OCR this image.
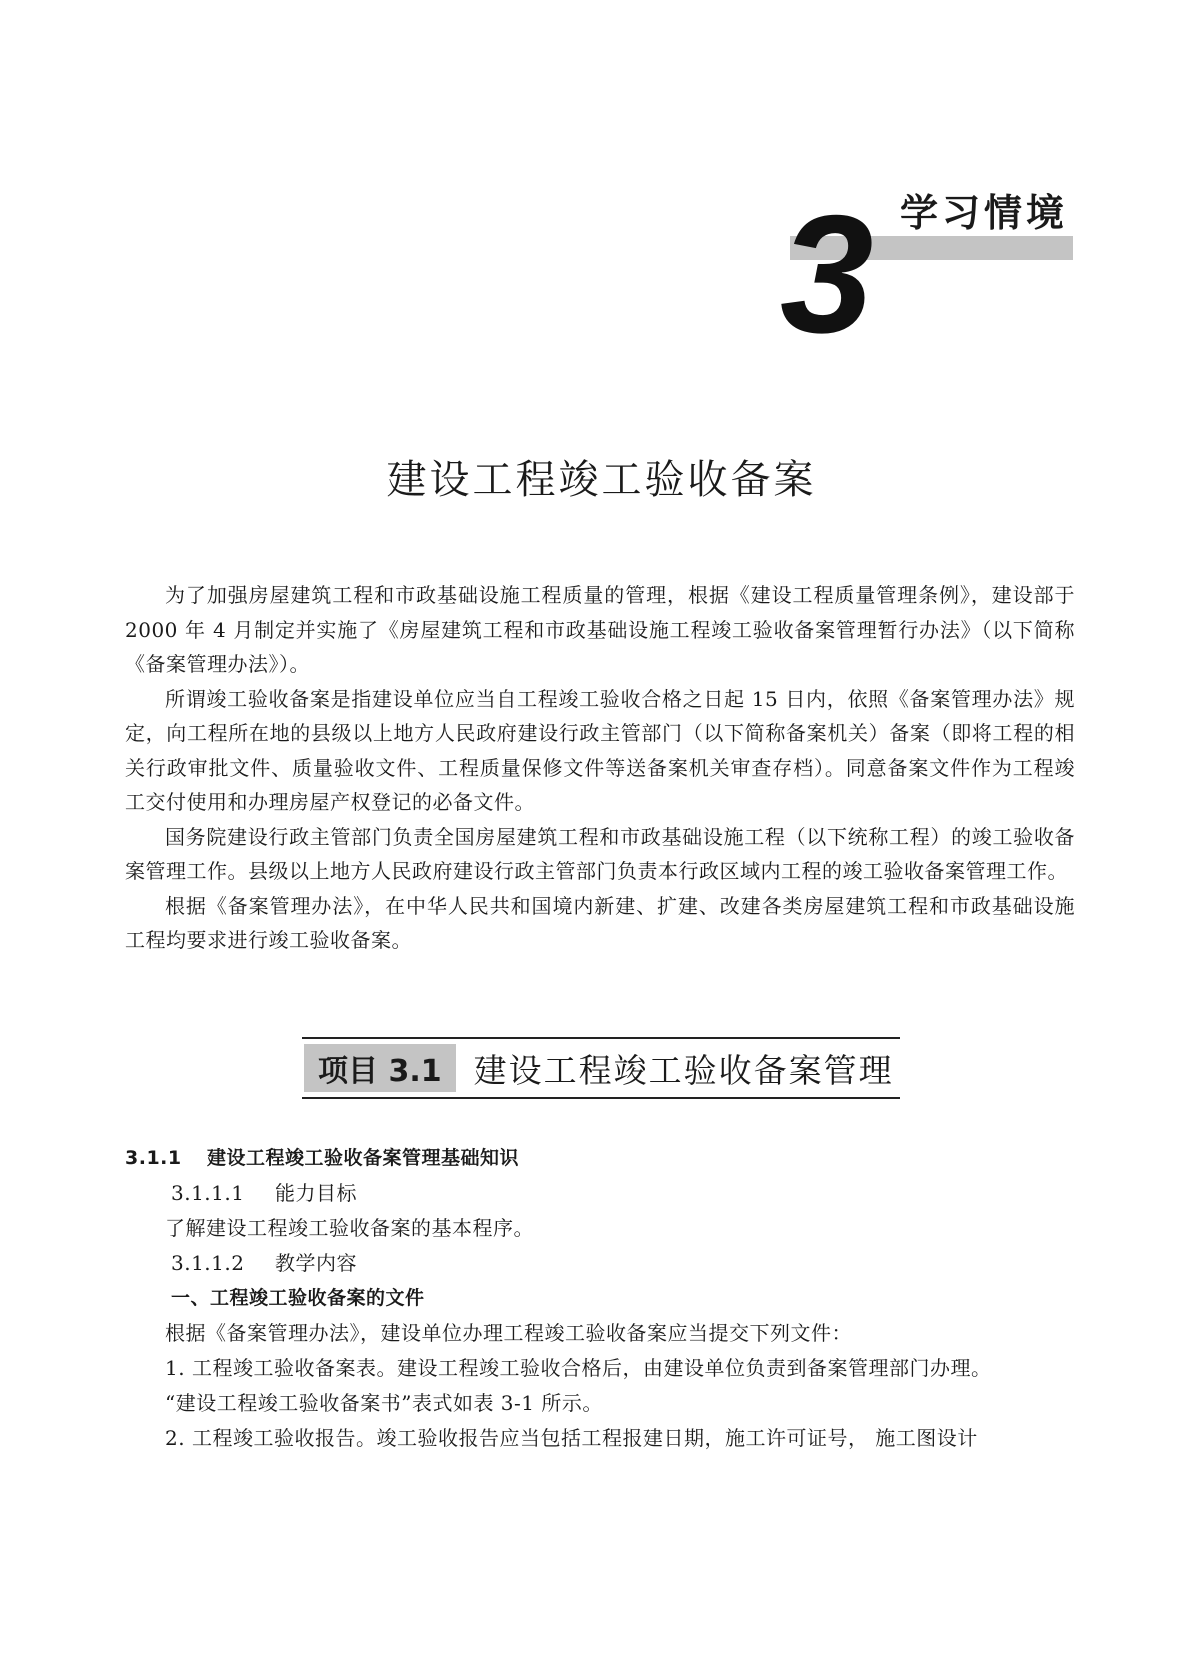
学习情境
3
建设工程竣工验收备案

为了加强房屋建筑工程和市政基础设施工程质量的管理，根据《建设工程质量管理条例》，建设部于 2000 年 4 月制定并实施了《房屋建筑工程和市政基础设施工程竣工验收备案管理暂行办法》（以下简称《备案管理办法》）。

所谓竣工验收备案是指建设单位应当自工程竣工验收合格之日起 15 日内，依照《备案管理办法》规定，向工程所在地的县级以上地方人民政府建设行政主管部门（以下简称备案机关）备案（即将工程的相关行政审批文件、质量验收文件、工程质量保修文件等送备案机关审查存档）。同意备案文件作为工程竣工交付使用和办理房屋产权登记的必备文件。

国务院建设行政主管部门负责全国房屋建筑工程和市政基础设施工程（以下统称工程）的竣工验收备案管理工作。县级以上地方人民政府建设行政主管部门负责本行政区域内工程的竣工验收备案管理工作。

根据《备案管理办法》，在中华人民共和国境内新建、扩建、改建各类房屋建筑工程和市政基础设施工程均要求进行竣工验收备案。

项目 3.1 建设工程竣工验收备案管理

3.1.1 建设工程竣工验收备案管理基础知识

3.1.1.1 能力目标

了解建设工程竣工验收备案的基本程序。

3.1.1.2 教学内容

一、工程竣工验收备案的文件

根据《备案管理办法》，建设单位办理工程竣工验收备案应当提交下列文件：

1. 工程竣工验收备案表。建设工程竣工验收合格后，由建设单位负责到备案管理部门办理。

“建设工程竣工验收备案书”表式如表 3-1 所示。

2. 工程竣工验收报告。竣工验收报告应当包括工程报建日期，施工许可证号， 施工图设计
